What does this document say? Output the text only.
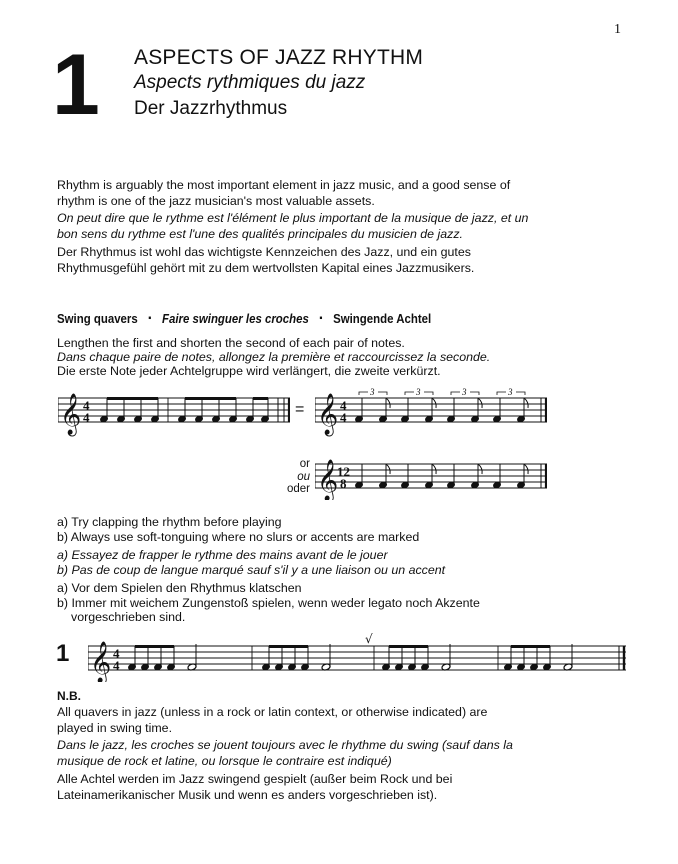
1
1 ASPECTS OF JAZZ RHYTHM
Aspects rythmiques du jazz
Der Jazzrhythmus
Rhythm is arguably the most important element in jazz music, and a good sense of
rhythm is one of the jazz musician's most valuable assets.
On peut dire que le rythme est l'élément le plus important de la musique de jazz, et un
bon sens du rythme est l'une des qualités principales du musicien de jazz.
Der Rhythmus ist wohl das wichtigste Kennzeichen des Jazz, und ein gutes
Rhythmusgefühl gehört mit zu dem wertvollsten Kapital eines Jazzmusikers.
Swing quavers ▪ Faire swinguer les croches ▪ Swingende Achtel
Lengthen the first and shorten the second of each pair of notes.
Dans chaque paire de notes, allongez la première et raccourcissez la seconde.
Die erste Note jeder Achtelgruppe wird verlängert, die zweite verkürzt.
𝄞 4
4	= 𝄞 4
4
3	3	3	3
or
ou
oder 𝄞
12
8
a) Try clapping the rhythm before playing
b) Always use soft-tonguing where no slurs or accents are marked
a) Essayez de frapper le rythme des mains avant de le jouer
b) Pas de coup de langue marqué sauf s'il y a une liaison ou un accent
a) Vor dem Spielen den Rhythmus klatschen
b) Immer mit weichem Zungenstoß spielen, wenn weder legato noch Akzente
vorgeschrieben sind.
1
√
𝄞 4
4
N.B.
All quavers in jazz (unless in a rock or latin context, or otherwise indicated) are
played in swing time.
Dans le jazz, les croches se jouent toujours avec le rhythme du swing (sauf dans la
musique de rock et latine, ou lorsque le contraire est indiqué)
Alle Achtel werden im Jazz swingend gespielt (außer beim Rock und bei
Lateinamerikanischer Musik und wenn es anders vorgeschrieben ist).
